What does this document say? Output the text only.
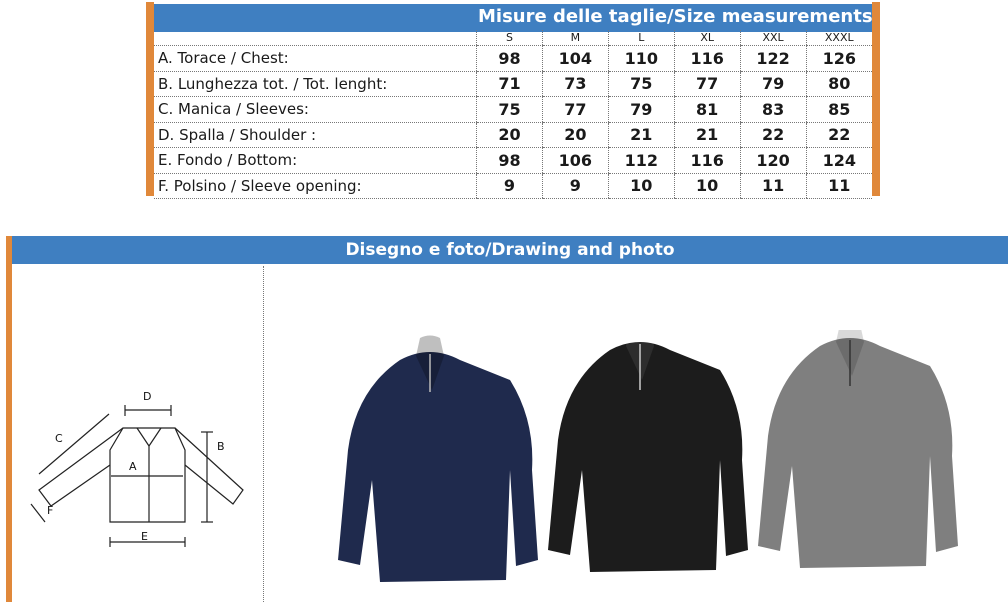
Misure delle taglie/Size measurements [cm]
	S	M	L	XL	XXL	XXXL
A. Torace / Chest:	98	104	110	116	122	126
B. Lunghezza tot. / Tot. lenght:	71	73	75	77	79	80
C. Manica / Sleeves:	75	77	79	81	83	85
D. Spalla / Shoulder :	20	20	21	21	22	22
E. Fondo / Bottom:	98	106	112	116	120	124
F. Polsino / Sleeve opening:	9	9	10	10	11	11
Disegno e foto/Drawing and photo
D
C
A
B
E
F
